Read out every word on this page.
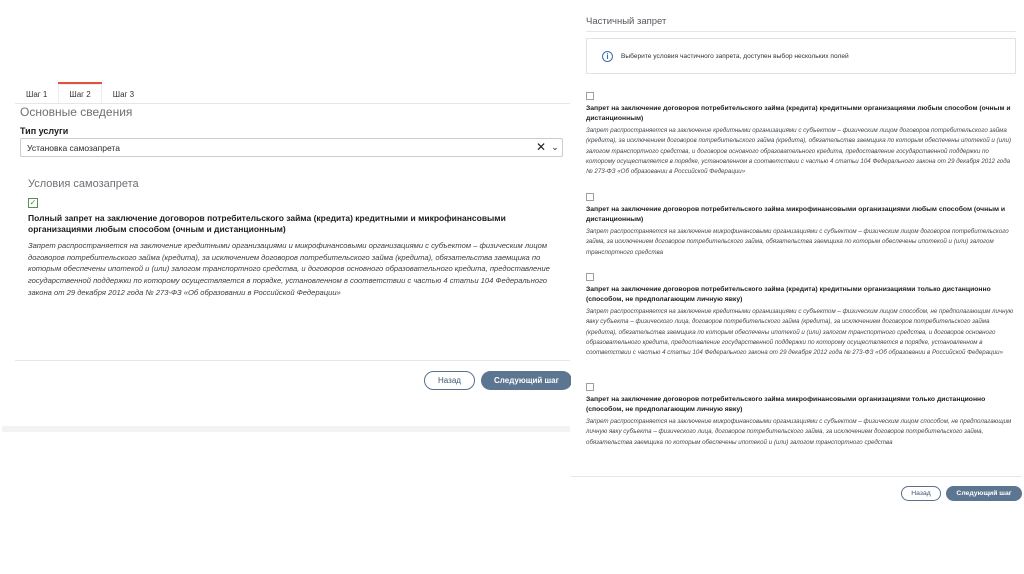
Шаг 1	Шаг 2	Шаг 3
Основные сведения
Тип услуги
Установка самозапрета	✕ ⌄
Условия самозапрета
✓
Полный запрет на заключение договоров потребительского займа (кредита) кредитными и микрофинансовыми организациями любым способом (очным и дистанционным)
Запрет распространяется на заключение кредитными организациями и микрофинансовыми организациями с субъектом – физическим лицом договоров потребительского займа (кредита), за исключением договоров потребительского займа (кредита), обязательства заемщика по которым обеспечены ипотекой и (или) залогом транспортного средства, и договоров основного образовательного кредита, предоставление государственной поддержки по которому осуществляется в порядке, установленном в соответствии с частью 4 статьи 104 Федерального закона от 29 декабря 2012 года № 273-ФЗ «Об образовании в Российской Федерации»
Назад	Следующий шаг
Частичный запрет
i	Выберите условия частичного запрета, доступен выбор нескольких полей
Запрет на заключение договоров потребительского займа (кредита) кредитными организациями любым способом (очным и дистанционным)
Запрет распространяется на заключение кредитными организациями с субъектом – физическим лицом договоров потребительского займа (кредита), за исключением договоров потребительского займа (кредита), обязательства заемщика по которым обеспечены ипотекой и (или) залогом транспортного средства, и договоров основного образовательного кредита, предоставление государственной поддержки по которому осуществляется в порядке, установленном в соответствии с частью 4 статьи 104 Федерального закона от 29 декабря 2012 года № 273-ФЗ «Об образовании в Российской Федерации»
Запрет на заключение договоров потребительского займа микрофинансовыми организациями любым способом (очным и дистанционным)
Запрет распространяется на заключение микрофинансовыми организациями с субъектом – физическим лицом договоров потребительского займа, за исключением договоров потребительского займа, обязательства заемщика по которым обеспечены ипотекой и (или) залогом транспортного средства
Запрет на заключение договоров потребительского займа (кредита) кредитными организациями только дистанционно (способом, не предполагающим личную явку)
Запрет распространяется на заключение кредитными организациями с субъектом – физическим лицом способом, не предполагающим личную явку субъекта – физического лица, договоров потребительского займа (кредита), за исключением договоров потребительского займа (кредита), обязательства заемщика по которым обеспечены ипотекой и (или) залогом транспортного средства, и договоров основного образовательного кредита, предоставление государственной поддержки по которому осуществляется в порядке, установленном в соответствии с частью 4 статьи 104 Федерального закона от 29 декабря 2012 года № 273-ФЗ «Об образовании в Российской Федерации»
Запрет на заключение договоров потребительского займа микрофинансовыми организациями только дистанционно (способом, не предполагающим личную явку)
Запрет распространяется на заключение микрофинансовыми организациями с субъектом – физическим лицом способом, не предполагающим личную явку субъекта – физического лица, договоров потребительского займа, за исключением договоров потребительского займа, обязательства заемщика по которым обеспечены ипотекой и (или) залогом транспортного средства
Назад	Следующий шаг
